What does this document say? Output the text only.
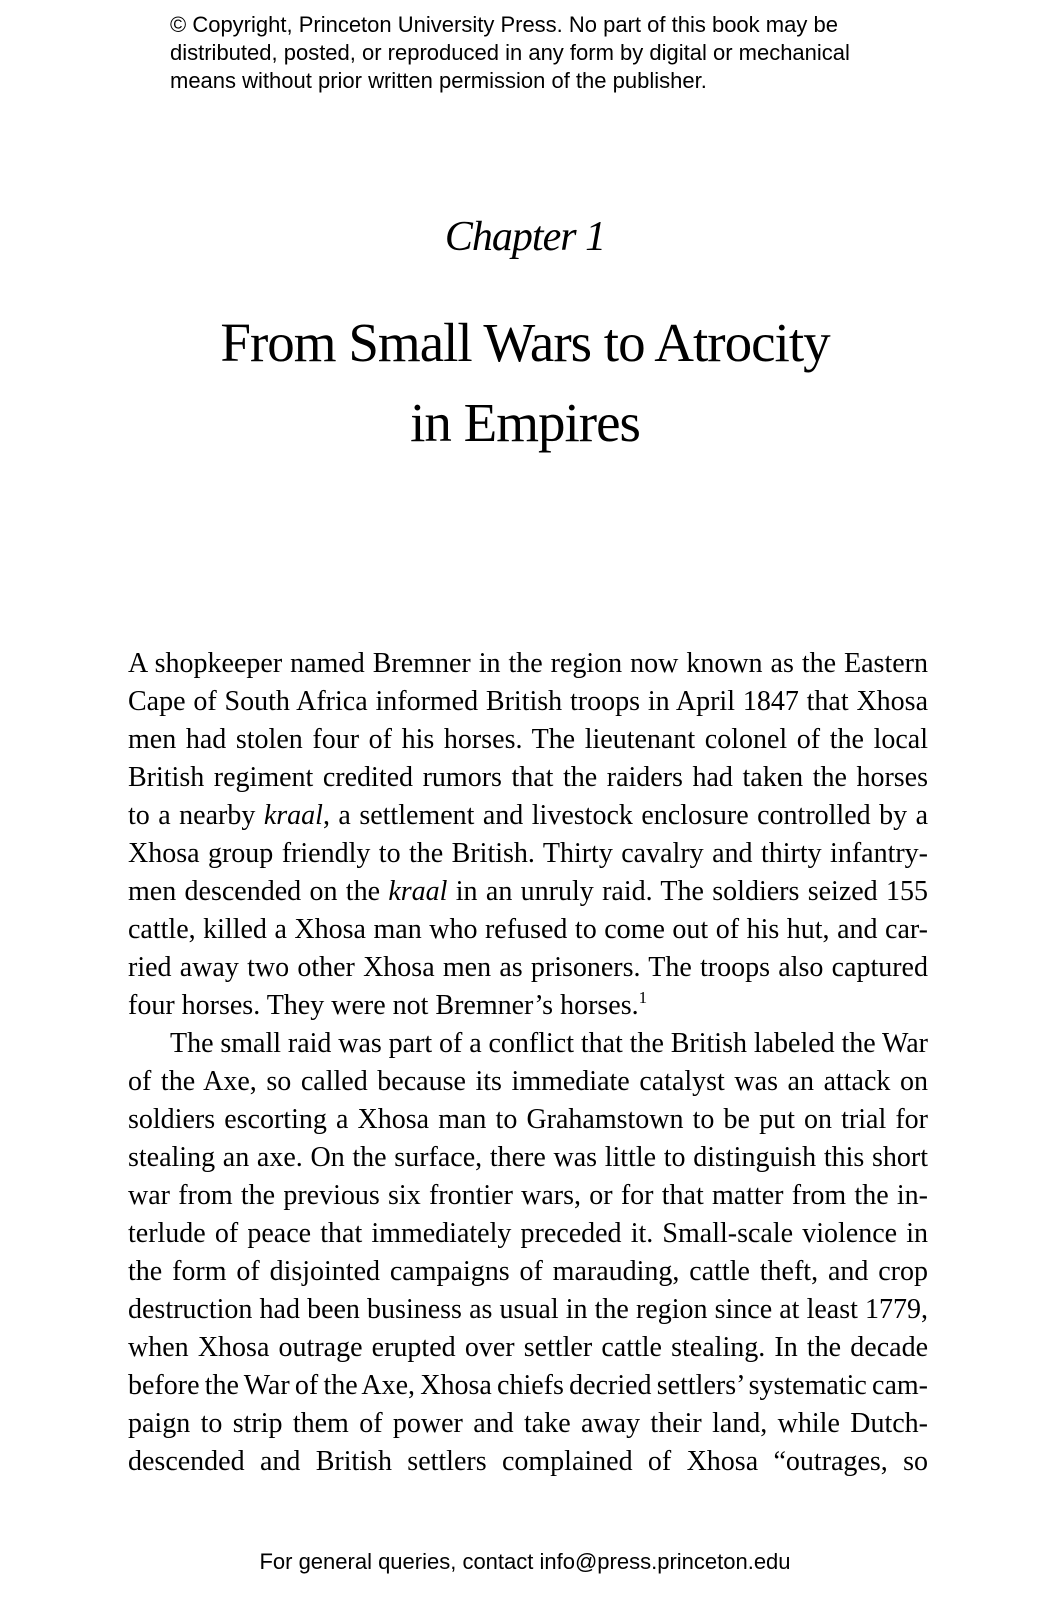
© Copyright, Princeton University Press. No part of this book may be
distributed, posted, or reproduced in any form by digital or mechanical
means without prior written permission of the publisher.
Chapter 1
From Small Wars to Atrocity
in Empires
A shopkeeper named Bremner in the region now known as the Eastern
Cape of South Africa informed British troops in April 1847 that Xhosa
men had stolen four of his horses. The lieutenant colonel of the local
British regiment credited rumors that the raiders had taken the horses
to a nearby kraal, a settlement and livestock enclosure controlled by a
Xhosa group friendly to the British. Thirty cavalry and thirty infantry-
men descended on the kraal in an unruly raid. The soldiers seized 155
cattle, killed a Xhosa man who refused to come out of his hut, and car-
ried away two other Xhosa men as prisoners. The troops also captured
four horses. They were not Bremner’s horses.$^1$
The small raid was part of a conflict that the British labeled the War
of the Axe, so called because its immediate catalyst was an attack on
soldiers escorting a Xhosa man to Grahamstown to be put on trial for
stealing an axe. On the surface, there was little to distinguish this short
war from the previous six frontier wars, or for that matter from the in-
terlude of peace that immediately preceded it. Small-scale violence in
the form of disjointed campaigns of marauding, cattle theft, and crop
destruction had been business as usual in the region since at least 1779,
when Xhosa outrage erupted over settler cattle stealing. In the decade
before the War of the Axe, Xhosa chiefs decried settlers’ systematic cam-
paign to strip them of power and take away their land, while Dutch-
descended and British settlers complained of Xhosa “outrages, so
For general queries, contact info@press.princeton.edu
